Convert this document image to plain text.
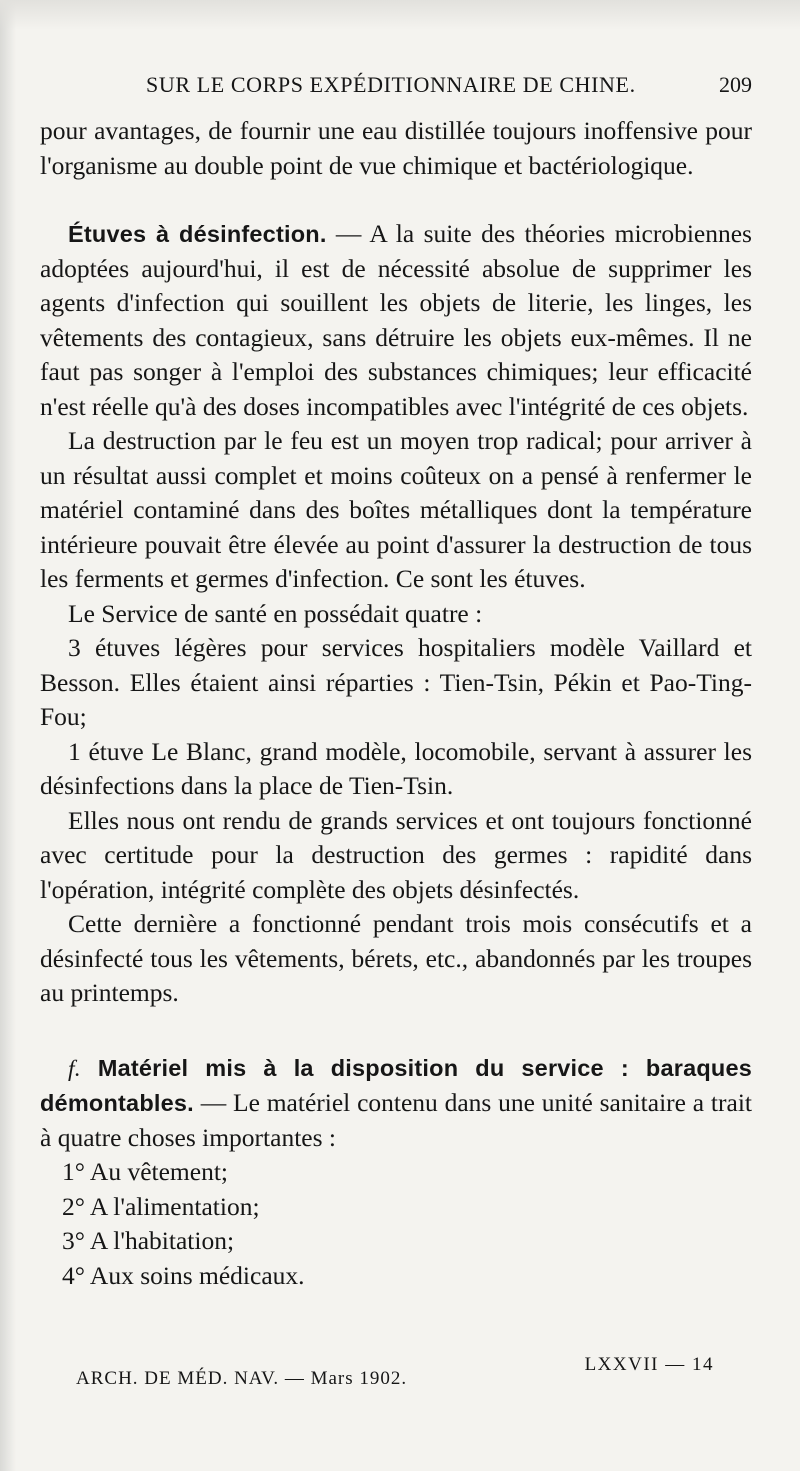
SUR LE CORPS EXPÉDITIONNAIRE DE CHINE.	209

pour avantages, de fournir une eau distillée toujours inoffensive pour l'organisme au double point de vue chimique et bactériologique.

Étuves à désinfection. — A la suite des théories microbiennes adoptées aujourd'hui, il est de nécessité absolue de supprimer les agents d'infection qui souillent les objets de literie, les linges, les vêtements des contagieux, sans détruire les objets eux-mêmes. Il ne faut pas songer à l'emploi des substances chimiques; leur efficacité n'est réelle qu'à des doses incompatibles avec l'intégrité de ces objets.

La destruction par le feu est un moyen trop radical; pour arriver à un résultat aussi complet et moins coûteux on a pensé à renfermer le matériel contaminé dans des boîtes métalliques dont la température intérieure pouvait être élevée au point d'assurer la destruction de tous les ferments et germes d'infection. Ce sont les étuves.

Le Service de santé en possédait quatre :

3 étuves légères pour services hospitaliers modèle Vaillard et Besson. Elles étaient ainsi réparties : Tien-Tsin, Pékin et Pao-Ting-Fou;

1 étuve Le Blanc, grand modèle, locomobile, servant à assurer les désinfections dans la place de Tien-Tsin.

Elles nous ont rendu de grands services et ont toujours fonctionné avec certitude pour la destruction des germes : rapidité dans l'opération, intégrité complète des objets désinfectés.

Cette dernière a fonctionné pendant trois mois consécutifs et a désinfecté tous les vêtements, bérets, etc., abandonnés par les troupes au printemps.

f. Matériel mis à la disposition du service : baraques démontables. — Le matériel contenu dans une unité sanitaire a trait à quatre choses importantes :

1° Au vêtement;

2° A l'alimentation;

3° A l'habitation;

4° Aux soins médicaux.

ARCH. DE MÉD. NAV. — Mars 1902.
LXXVII — 14
